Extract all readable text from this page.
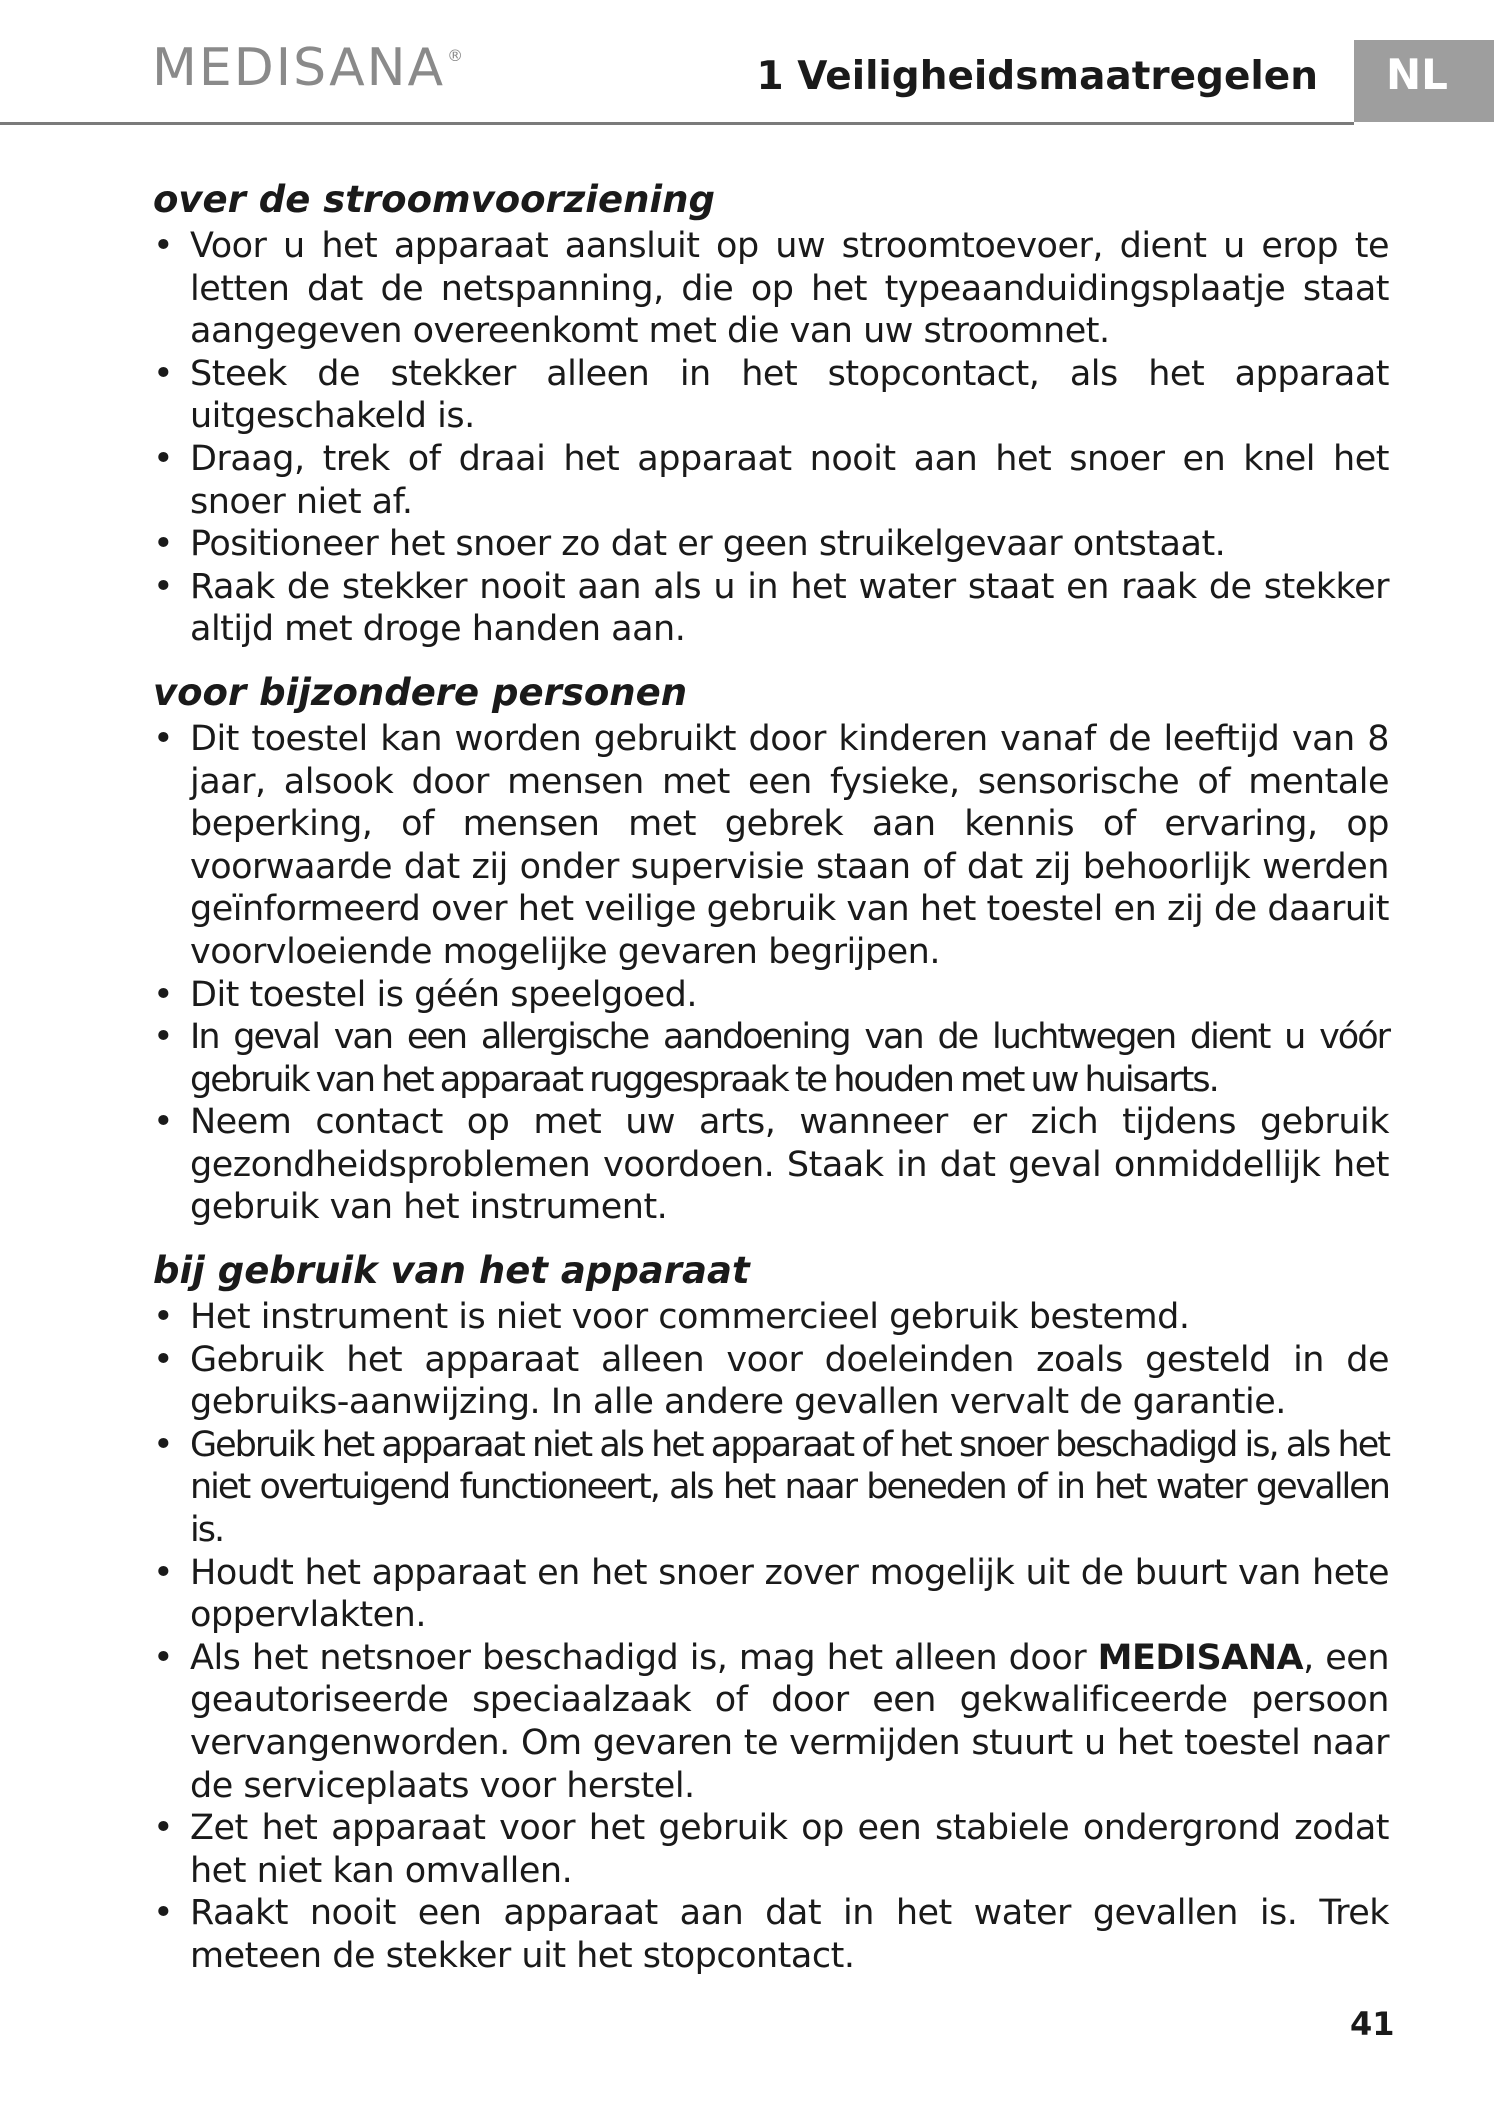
MEDISANA ®	1 Veiligheidsmaatregelen	NL
over de stroomvoorziening
• Voor u het apparaat aansluit op uw stroomtoevoer, dient u erop te letten dat de netspanning, die op het typeaanduidingsplaatje staat aangegeven overeenkomt met die van uw stroomnet.
• Steek de stekker alleen in het stopcontact, als het apparaat uitgeschakeld is.
• Draag, trek of draai het apparaat nooit aan het snoer en knel het snoer niet af.
• Positioneer het snoer zo dat er geen struikelgevaar ontstaat.
• Raak de stekker nooit aan als u in het water staat en raak de stekker altijd met droge handen aan.
voor bijzondere personen
• Dit toestel kan worden gebruikt door kinderen vanaf de leeftijd van 8 jaar, alsook door mensen met een fysieke, sensorische of mentale beperking, of mensen met gebrek aan kennis of ervaring, op voorwaarde dat zij onder supervisie staan of dat zij behoorlijk werden geïnformeerd over het veilige gebruik van het toestel en zij de daaruit voorvloeiende mogelijke gevaren begrijpen.
• Dit toestel is géén speelgoed.
• In geval van een allergische aandoening van de luchtwegen dient u vóór gebruik van het apparaat ruggespraak te houden met uw huisarts.
• Neem contact op met uw arts, wanneer er zich tijdens gebruik gezondheidsproblemen voordoen. Staak in dat geval onmiddellijk het gebruik van het instrument.
bij gebruik van het apparaat
• Het instrument is niet voor commercieel gebruik bestemd.
• Gebruik het apparaat alleen voor doeleinden zoals gesteld in de gebruiks-aanwijzing. In alle andere gevallen vervalt de garantie.
• Gebruik het apparaat niet als het apparaat of het snoer beschadigd is, als het niet overtuigend functioneert, als het naar beneden of in het water gevallen is.
• Houdt het apparaat en het snoer zover mogelijk uit de buurt van hete oppervlakten.
• Als het netsnoer beschadigd is, mag het alleen door MEDISANA, een geautoriseerde speciaalzaak of door een gekwalificeerde persoon vervangenworden. Om gevaren te vermijden stuurt u het toestel naar de serviceplaats voor herstel.
• Zet het apparaat voor het gebruik op een stabiele ondergrond zodat het niet kan omvallen.
• Raakt nooit een apparaat aan dat in het water gevallen is. Trek meteen de stekker uit het stopcontact.
41
